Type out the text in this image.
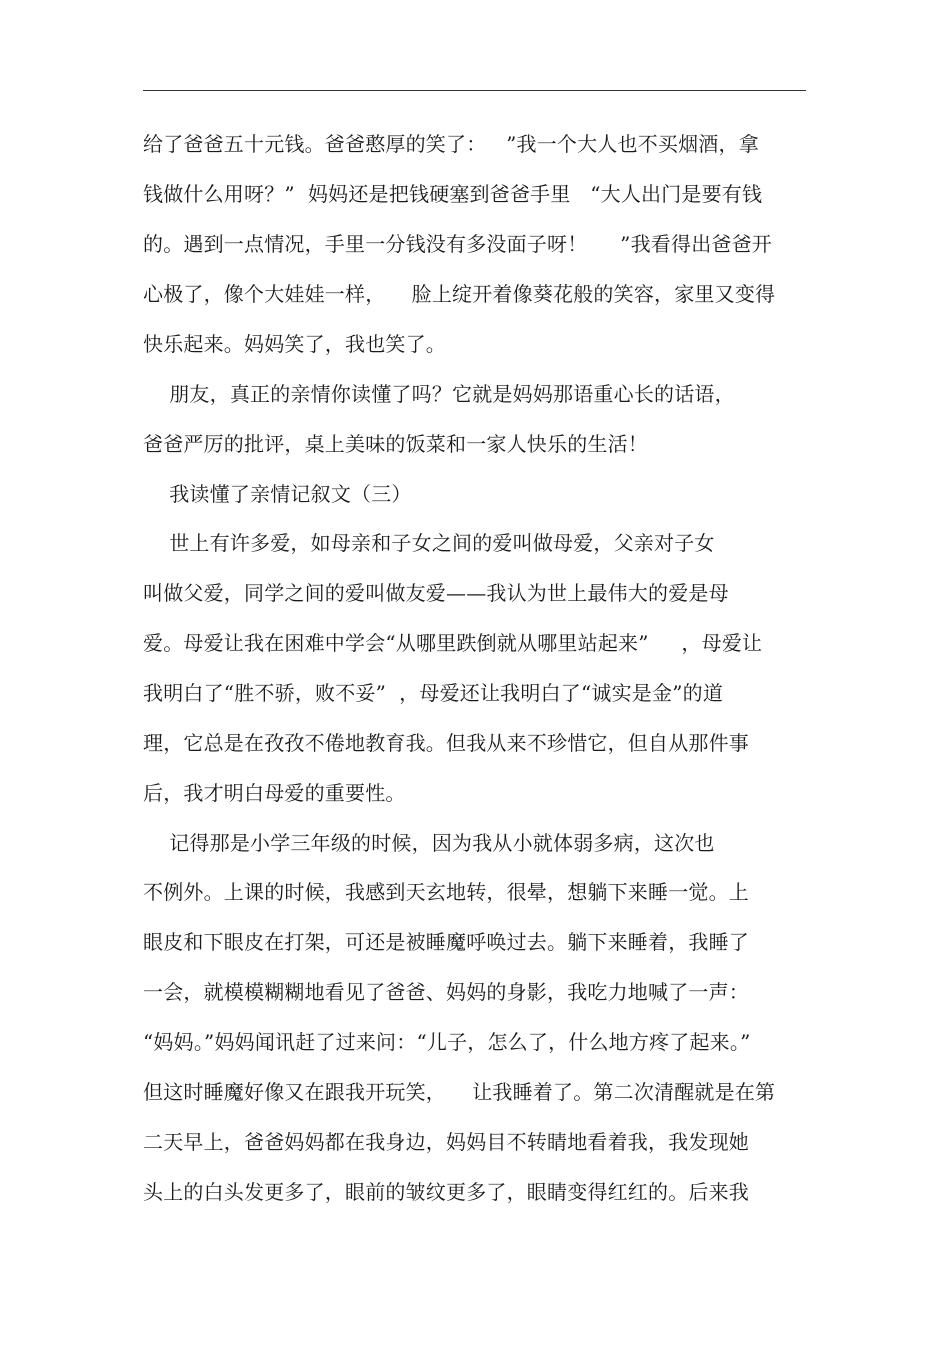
给了爸爸五十元钱。爸爸憨厚的笑了：   ”我一个大人也不买烟酒，拿
钱做什么用呀？”  妈妈还是把钱硬塞到爸爸手里   “大人出门是要有钱
的。遇到一点情况，手里一分钱没有多没面子呀！     ”我看得出爸爸开
心极了，像个大娃娃一样，    脸上绽开着像葵花般的笑容，家里又变得
快乐起来。妈妈笑了，我也笑了。
朋友，真正的亲情你读懂了吗？它就是妈妈那语重心长的话语，
爸爸严厉的批评，桌上美味的饭菜和一家人快乐的生活！
我读懂了亲情记叙文（三）
世上有许多爱，如母亲和子女之间的爱叫做母爱，父亲对子女
叫做父爱，同学之间的爱叫做友爱——我认为世上最伟大的爱是母
爱。母爱让我在困难中学会“从哪里跌倒就从哪里站起来”     ，母爱让
我明白了“胜不骄，败不妥”  ，母爱还让我明白了“诚实是金”的道
理，它总是在孜孜不倦地教育我。但我从来不珍惜它，但自从那件事
后，我才明白母爱的重要性。
记得那是小学三年级的时候，因为我从小就体弱多病，这次也
不例外。上课的时候，我感到天玄地转，很晕，想躺下来睡一觉。上
眼皮和下眼皮在打架，可还是被睡魔呼唤过去。躺下来睡着，我睡了
一会，就模模糊糊地看见了爸爸、妈妈的身影，我吃力地喊了一声：
“妈妈。”妈妈闻讯赶了过来问：“儿子，怎么了，什么地方疼了起来。”
但这时睡魔好像又在跟我开玩笑，    让我睡着了。第二次清醒就是在第
二天早上，爸爸妈妈都在我身边，妈妈目不转睛地看着我，我发现她
头上的白头发更多了，眼前的皱纹更多了，眼睛变得红红的。后来我
